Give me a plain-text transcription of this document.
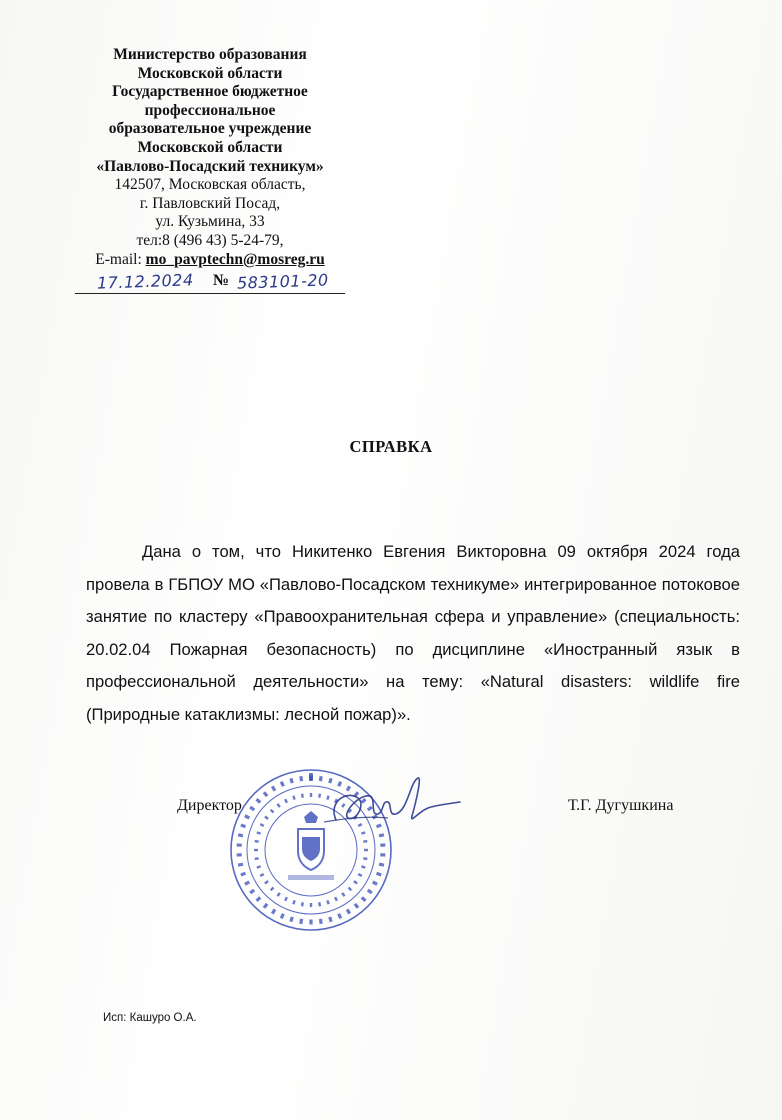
Министерство образования
Московской области
Государственное бюджетное
профессиональное
образовательное учреждение
Московской области
«Павлово-Посадский техникум»
142507, Московская область,
г. Павловский Посад,
ул. Кузьмина, 33
тел:8 (496 43) 5-24-79,
E-mail: mo_pavptechn@mosreg.ru
17.12.2024 № 583101-20
СПРАВКА
Дана о том, что Никитенко Евгения Викторовна 09 октября 2024 года провела в ГБПОУ МО «Павлово-Посадском техникуме» интегрированное потоковое занятие по кластеру «Правоохранительная сфера и управление» (специальность: 20.02.04 Пожарная безопасность) по дисциплине «Иностранный язык в профессиональной деятельности» на тему: «Natural disasters: wildlife fire (Природные катаклизмы: лесной пожар)».
Директор	Т.Г. Дугушкина
Исп: Кашуро О.А.
